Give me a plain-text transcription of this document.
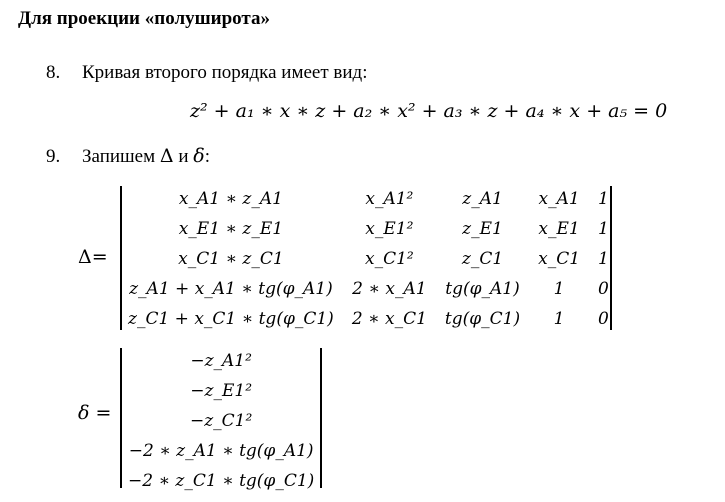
Для проекции «полуширота»
8. Кривая второго порядка имеет вид:
z² + a₁ ∗ x ∗ z + a₂ ∗ x² + a₃ ∗ z + a₄ ∗ x + a₅ = 0
9. Запишем Δ и δ:
Δ=
x_A1 ∗ z_A1	x_A1²	z_A1	x_A1	1
x_E1 ∗ z_E1	x_E1²	z_E1	x_E1	1
x_C1 ∗ z_C1	x_C1²	z_C1	x_C1	1
z_A1 + x_A1 ∗ tg(φ_A1)	2 ∗ x_A1	tg(φ_A1)	1	0
z_C1 + x_C1 ∗ tg(φ_C1)	2 ∗ x_C1	tg(φ_C1)	1	0
δ =
−z_A1²
−z_E1²
−z_C1²
−2 ∗ z_A1 ∗ tg(φ_A1)
−2 ∗ z_C1 ∗ tg(φ_C1)
